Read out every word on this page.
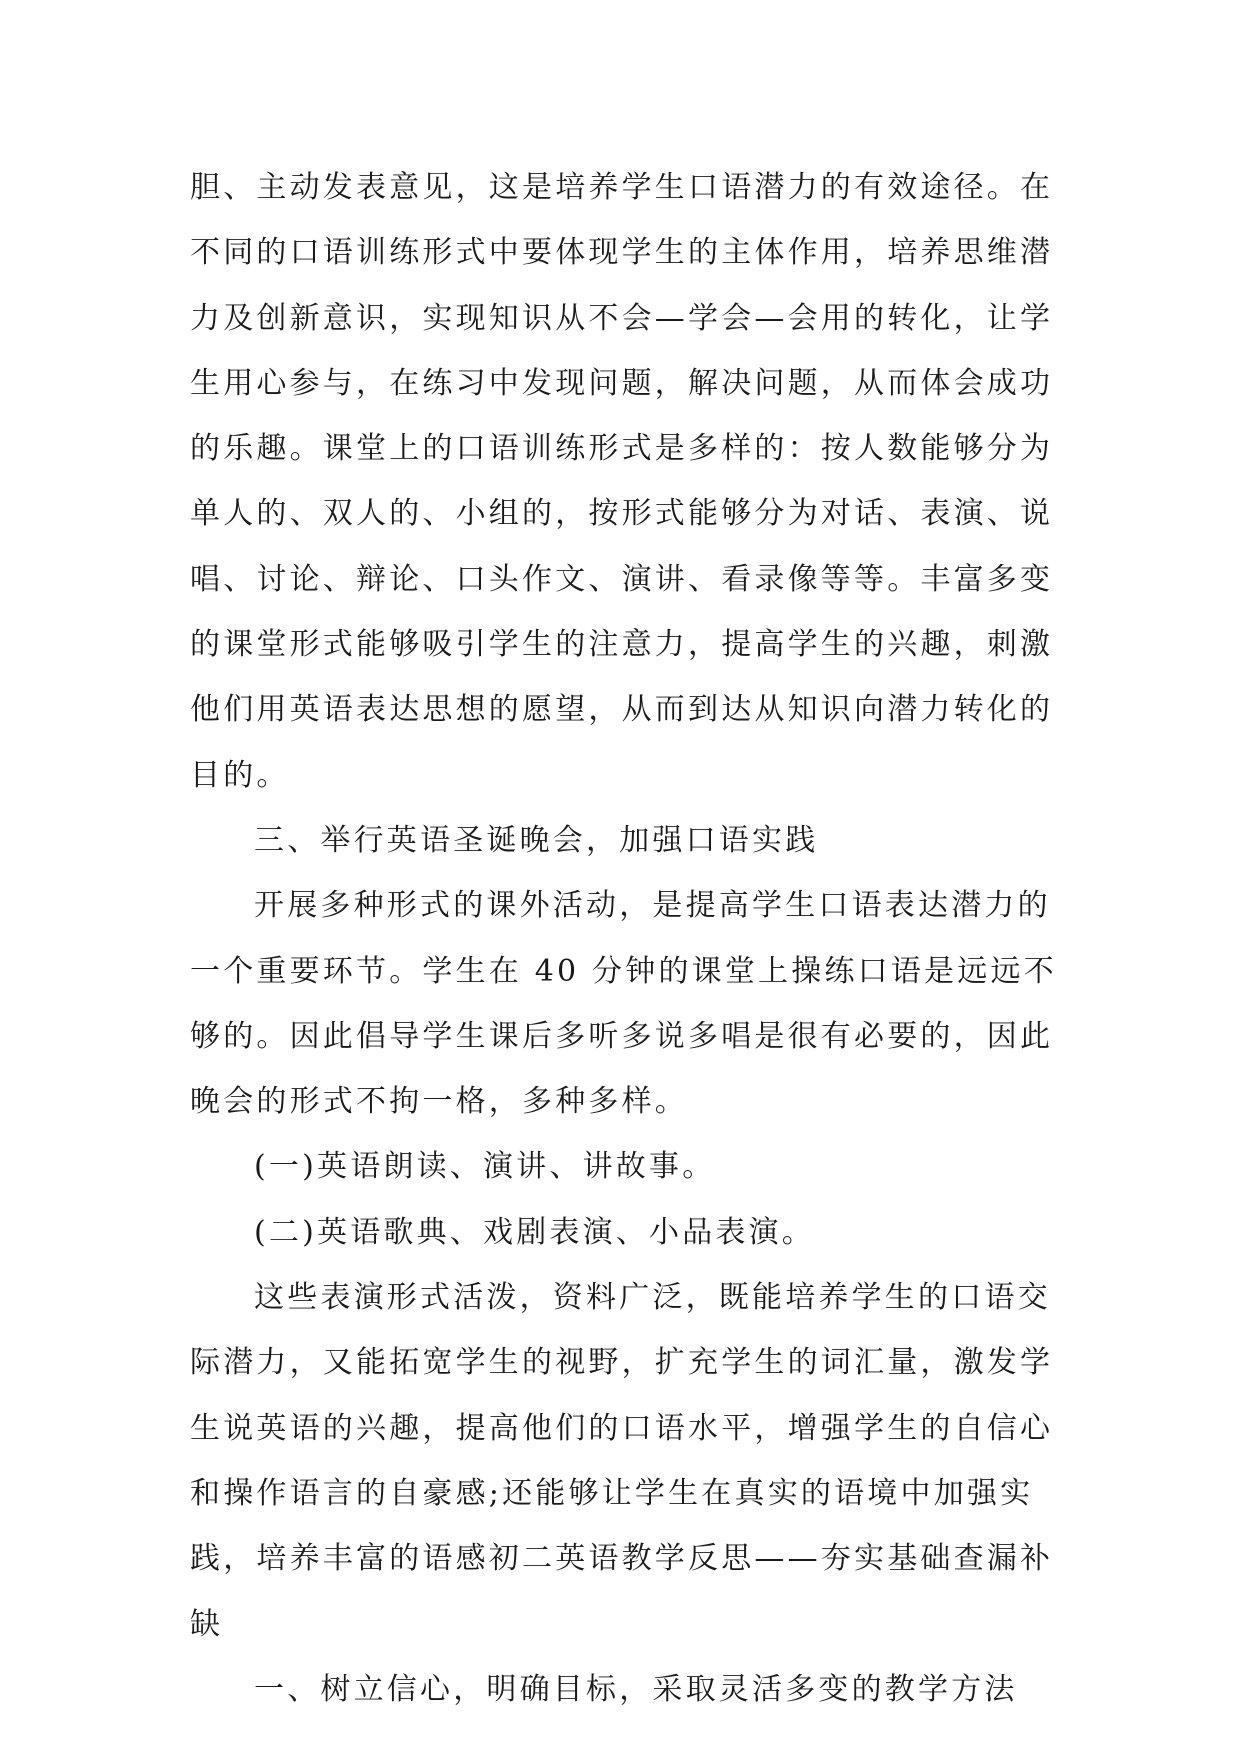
胆、主动发表意见，这是培养学生口语潜力的有效途径。在
不同的口语训练形式中要体现学生的主体作用，培养思维潜
力及创新意识，实现知识从不会—学会—会用的转化，让学
生用心参与，在练习中发现问题，解决问题，从而体会成功
的乐趣。课堂上的口语训练形式是多样的：按人数能够分为
单人的、双人的、小组的，按形式能够分为对话、表演、说
唱、讨论、辩论、口头作文、演讲、看录像等等。丰富多变
的课堂形式能够吸引学生的注意力，提高学生的兴趣，刺激
他们用英语表达思想的愿望，从而到达从知识向潜力转化的
目的。
三、举行英语圣诞晚会，加强口语实践
开展多种形式的课外活动，是提高学生口语表达潜力的
一个重要环节。学生在 40 分钟的课堂上操练口语是远远不
够的。因此倡导学生课后多听多说多唱是很有必要的，因此
晚会的形式不拘一格，多种多样。
(一)英语朗读、演讲、讲故事。
(二)英语歌典、戏剧表演、小品表演。
这些表演形式活泼，资料广泛，既能培养学生的口语交
际潜力，又能拓宽学生的视野，扩充学生的词汇量，激发学
生说英语的兴趣，提高他们的口语水平，增强学生的自信心
和操作语言的自豪感;还能够让学生在真实的语境中加强实
践，培养丰富的语感初二英语教学反思——夯实基础查漏补
缺
一、树立信心，明确目标，采取灵活多变的教学方法
